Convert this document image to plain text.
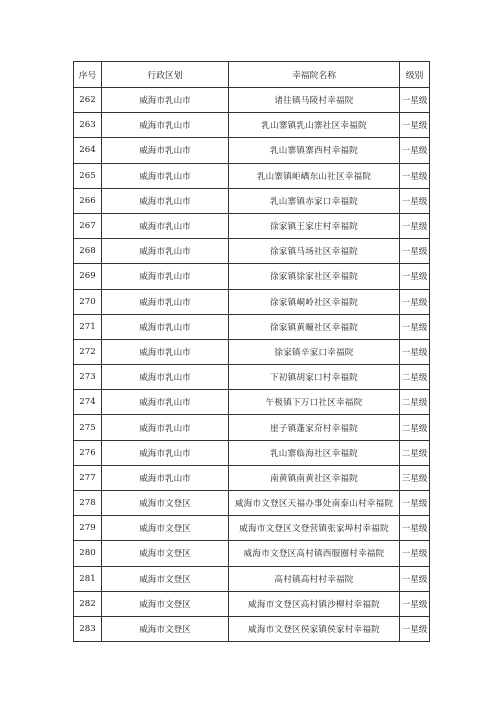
序号	行政区划	幸福院名称	级别
262	威海市乳山市	诸往镇马陵村幸福院	一星级
263	威海市乳山市	乳山寨镇乳山寨社区幸福院	一星级
264	威海市乳山市	乳山寨镇寨西村幸福院	一星级
265	威海市乳山市	乳山寨镇岠嵎东山社区幸福院	一星级
266	威海市乳山市	乳山寨镇赤家口幸福院	一星级
267	威海市乳山市	徐家镇王家庄村幸福院	一星级
268	威海市乳山市	徐家镇马场社区幸福院	一星级
269	威海市乳山市	徐家镇徐家社区幸福院	一星级
270	威海市乳山市	徐家镇峒岭社区幸福院	一星级
271	威海市乳山市	徐家镇黄疃社区幸福院	一星级
272	威海市乳山市	徐家镇辛家口幸福院	一星级
273	威海市乳山市	下初镇胡家口村幸福院	二星级
274	威海市乳山市	午极镇下万口社区幸福院	二星级
275	威海市乳山市	崖子镇蓬家夼村幸福院	二星级
276	威海市乳山市	乳山寨临海社区幸福院	二星级
277	威海市乳山市	南黄镇南黄社区幸福院	三星级
278	威海市文登区	威海市文登区天福办事处南泰山村幸福院	一星级
279	威海市文登区	威海市文登区文登营镇张家埠村幸福院	一星级
280	威海市文登区	威海市文登区高村镇西服圈村幸福院	一星级
281	威海市文登区	高村镇高村村幸福院	一星级
282	威海市文登区	威海市文登区高村镇沙柳村幸福院	一星级
283	威海市文登区	威海市文登区侯家镇侯家村幸福院	一星级
